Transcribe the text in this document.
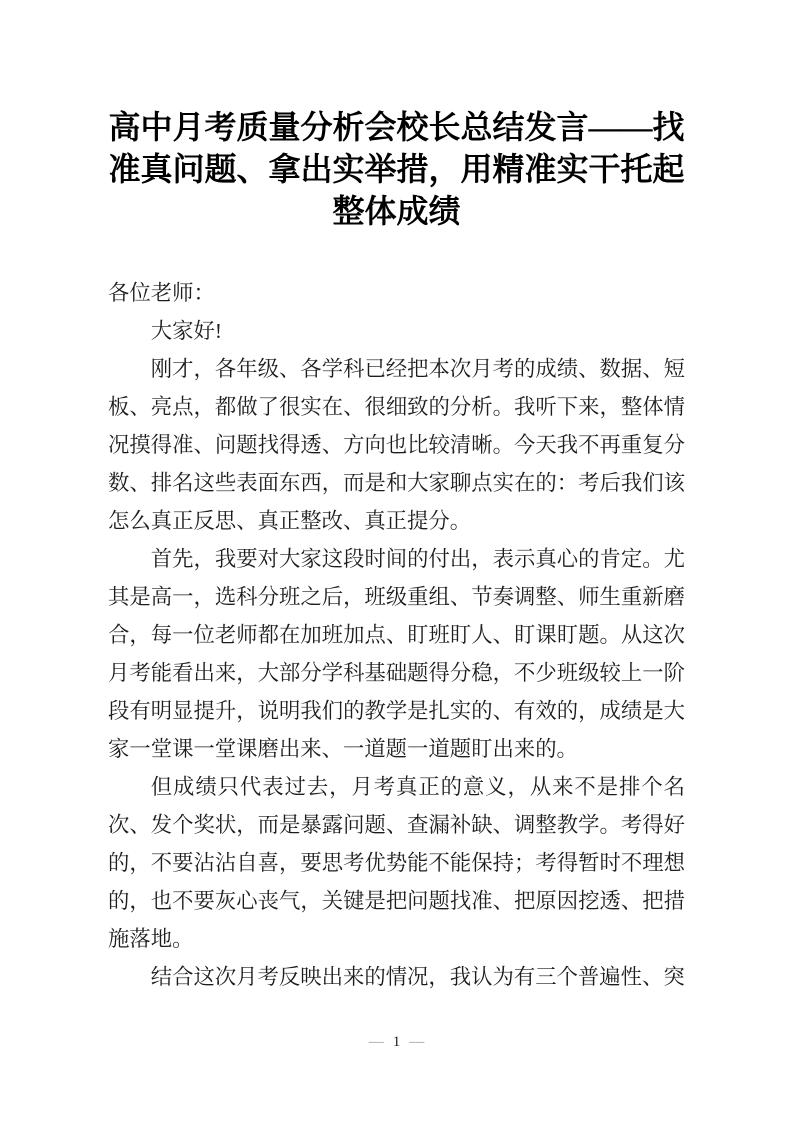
高中月考质量分析会校长总结发言——找
准真问题、拿出实举措，用精准实干托起
整体成绩

各位老师：

大家好!

刚才，各年级、各学科已经把本次月考的成绩、数据、短板、亮点，都做了很实在、很细致的分析。我听下来，整体情况摸得准、问题找得透、方向也比较清晰。今天我不再重复分数、排名这些表面东西，而是和大家聊点实在的：考后我们该怎么真正反思、真正整改、真正提分。

首先，我要对大家这段时间的付出，表示真心的肯定。尤其是高一，选科分班之后，班级重组、节奏调整、师生重新磨合，每一位老师都在加班加点、盯班盯人、盯课盯题。从这次月考能看出来，大部分学科基础题得分稳，不少班级较上一阶段有明显提升，说明我们的教学是扎实的、有效的，成绩是大家一堂课一堂课磨出来、一道题一道题盯出来的。

但成绩只代表过去，月考真正的意义，从来不是排个名次、发个奖状，而是暴露问题、查漏补缺、调整教学。考得好的，不要沾沾自喜，要思考优势能不能保持；考得暂时不理想的，也不要灰心丧气，关键是把问题找准、把原因挖透、把措施落地。

结合这次月考反映出来的情况，我认为有三个普遍性、突

— 1 —
